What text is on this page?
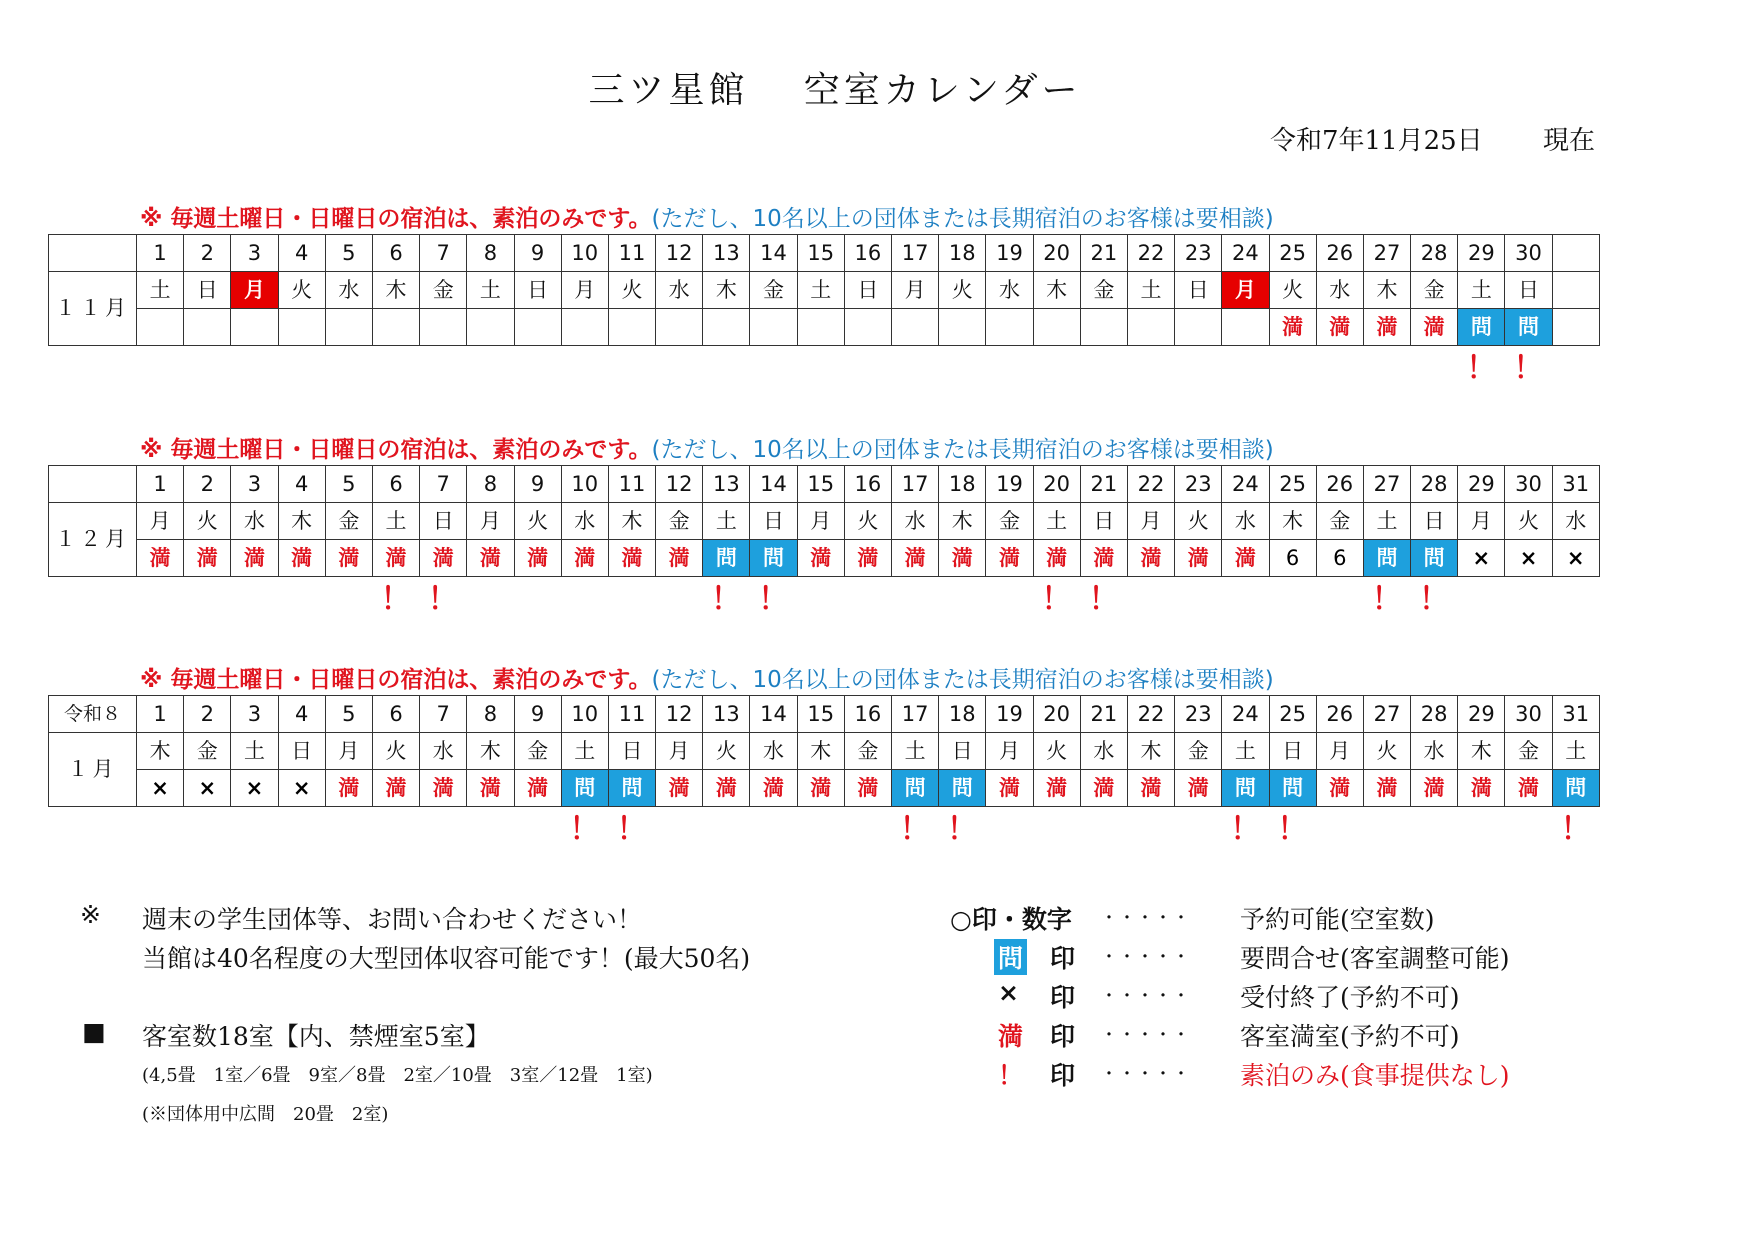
三ツ星館　 空室カレンダー
令和7年11月25日　　 現在
※ 毎週土曜日・日曜日の宿泊は、素泊のみです。(ただし、10名以上の団体または長期宿泊のお客様は要相談)
	1	2	3	4	5	6	7	8	9	10	11	12	13	14	15	16	17	18	19	20	21	22	23	24	25	26	27	28	29	30	
１１月	土	日	月	火	水	木	金	土	日	月	火	水	木	金	土	日	月	火	水	木	金	土	日	月	火	水	木	金	土	日	
																									満	満	満	満	問	問	
！ ！
※ 毎週土曜日・日曜日の宿泊は、素泊のみです。(ただし、10名以上の団体または長期宿泊のお客様は要相談)
	1	2	3	4	5	6	7	8	9	10	11	12	13	14	15	16	17	18	19	20	21	22	23	24	25	26	27	28	29	30	31
１２月	月	火	水	木	金	土	日	月	火	水	木	金	土	日	月	火	水	木	金	土	日	月	火	水	木	金	土	日	月	火	水
	満	満	満	満	満	満	満	満	満	満	満	満	問	問	満	満	満	満	満	満	満	満	満	満	6	6	問	問	×	×	×
！ ！	！ ！	！ ！	！ ！
※ 毎週土曜日・日曜日の宿泊は、素泊のみです。(ただし、10名以上の団体または長期宿泊のお客様は要相談)
令和８	1	2	3	4	5	6	7	8	9	10	11	12	13	14	15	16	17	18	19	20	21	22	23	24	25	26	27	28	29	30	31
１月	木	金	土	日	月	火	水	木	金	土	日	月	火	水	木	金	土	日	月	火	水	木	金	土	日	月	火	水	木	金	土
	×	×	×	×	満	満	満	満	満	問	問	満	満	満	満	満	問	問	満	満	満	満	満	問	問	満	満	満	満	満	問
！ ！	！ ！	！ ！	！
※ 週末の学生団体等、お問い合わせください！
当館は40名程度の大型団体収容可能です！(最大50名)
■ 客室数18室【内、禁煙室5室】
(4,5畳　1室／6畳　9室／8畳　2室／10畳　3室／12畳　1室)
(※団体用中広間　20畳　2室)
○印・数字 ・・・・・ 予約可能(空室数)
問 印 ・・・・・ 要問合せ(客室調整可能)
× 印 ・・・・・ 受付終了(予約不可)
満 印 ・・・・・ 客室満室(予約不可)
！ 印 ・・・・・ 素泊のみ(食事提供なし)
